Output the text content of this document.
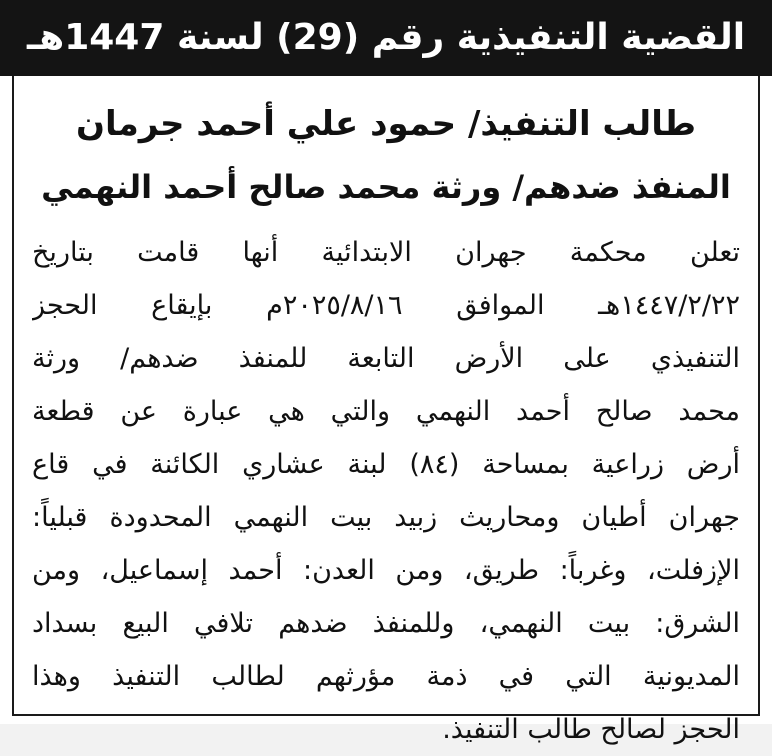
القضية التنفيذية رقم (29) لسنة 1447هـ
طالب التنفيذ/ حمود علي أحمد جرمان
المنفذ ضدهم/ ورثة محمد صالح أحمد النهمي
تعلن محكمة جهران الابتدائية أنها قامت بتاريخ
١٤٤٧/٢/٢٢هـ الموافق ٢٠٢٥/٨/١٦م بإيقاع الحجز
التنفيذي على الأرض التابعة للمنفذ ضدهم/ ورثة
محمد صالح أحمد النهمي والتي هي عبارة عن قطعة
أرض زراعية بمساحة (٨٤) لبنة عشاري الكائنة في قاع
جهران أطيان ومحاريث زبيد بيت النهمي المحدودة قبلياً:
الإزفلت، وغرباً: طريق، ومن العدن: أحمد إسماعيل، ومن
الشرق: بيت النهمي، وللمنفذ ضدهم تلافي البيع بسداد
المديونية التي في ذمة مؤرثهم لطالب التنفيذ وهذا
الحجز لصالح طالب التنفيذ.
